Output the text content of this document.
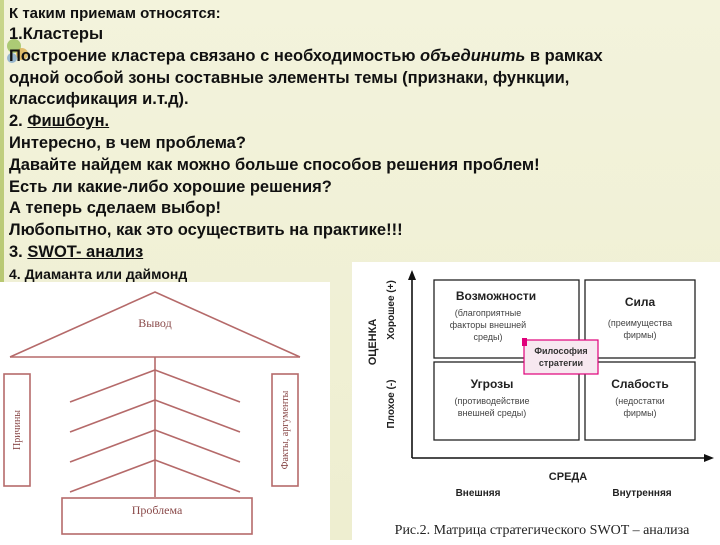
К таким приемам относятся:

1.Кластеры

Построение кластера связано с необходимостью объединить в рамках

одной особой зоны составные элементы темы (признаки, функции,

классификация и.т.д).

2. Фишбоун.

Интересно, в чем проблема?

Давайте найдем как можно больше способов решения проблем!

Есть ли какие-либо хорошие решения?

А теперь сделаем выбор!

Любопытно, как это осуществить на практике!!!

3. SWOT- анализ

4. Диаманта или даймонд

Вывод
Проблема
Причины	Факты, аргументы
Возможности
(благоприятные
факторы внешней
среды)
Сила
(преимущества
фирмы)
Угрозы
(противодействие
внешней среды)
Слабость
(недостатки
фирмы)
Философия
стратегии
ОЦЕНКА
Хорошее (+)
Плохое (-)
СРЕДА
Внешняя	Внутренняя
Рис.2. Матрица стратегического SWOT – анализа
